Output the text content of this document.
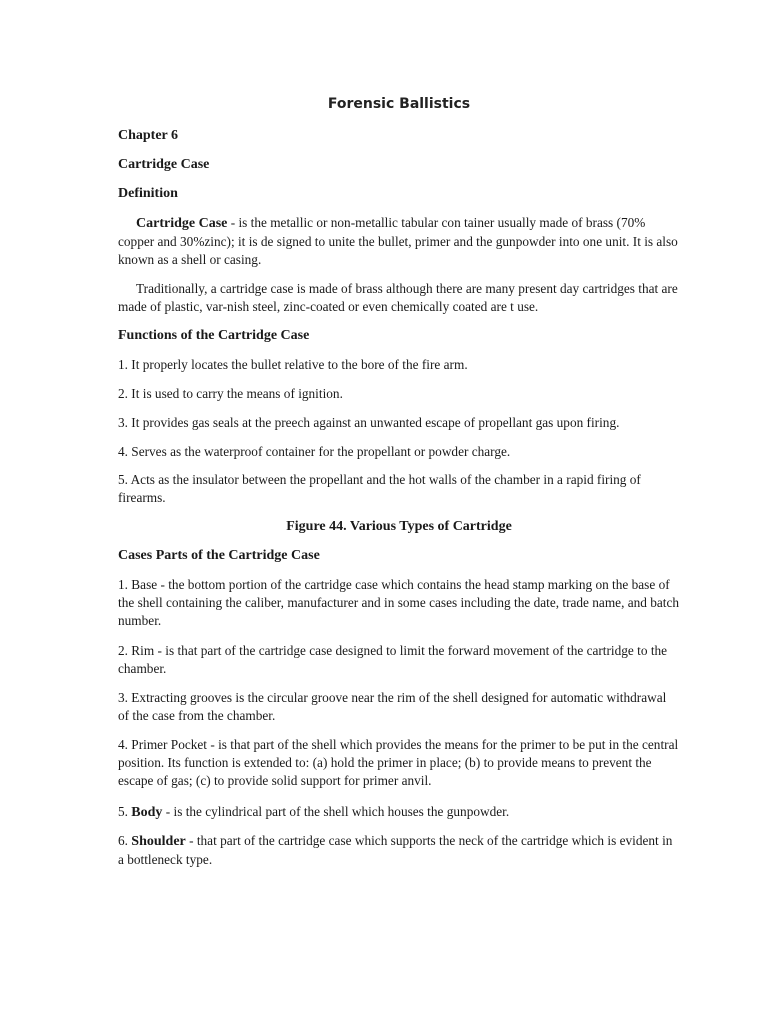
Forensic Ballistics
Chapter 6
Cartridge Case
Definition
Cartridge Case - is the metallic or non-metallic tabular con tainer usually made of brass (70% copper and 30%zinc); it is de signed to unite the bullet, primer and the gunpowder into one unit. It is also known as a shell or casing.
Traditionally, a cartridge case is made of brass although there are many present day cartridges that are made of plastic, var-nish steel, zinc-coated or even chemically coated are t use.
Functions of the Cartridge Case
1. It properly locates the bullet relative to the bore of the fire arm.
2. It is used to carry the means of ignition.
3. It provides gas seals at the preech against an unwanted escape of propellant gas upon firing.
4. Serves as the waterproof container for the propellant or powder charge.
5. Acts as the insulator between the propellant and the hot walls of the chamber in a rapid firing of firearms.
Figure 44. Various Types of Cartridge
Cases Parts of the Cartridge Case
1. Base - the bottom portion of the cartridge case which contains the head stamp marking on the base of the shell containing the caliber, manufacturer and in some cases including the date, trade name, and batch number.
2. Rim - is that part of the cartridge case designed to limit the forward movement of the cartridge to the chamber.
3. Extracting grooves is the circular groove near the rim of the shell designed for automatic withdrawal of the case from the chamber.
4. Primer Pocket - is that part of the shell which provides the means for the primer to be put in the central position. Its function is extended to: (a) hold the primer in place; (b) to provide means to prevent the escape of gas; (c) to provide solid support for primer anvil.
5. Body - is the cylindrical part of the shell which houses the gunpowder.
6. Shoulder - that part of the cartridge case which supports the neck of the cartridge which is evident in a bottleneck type.
